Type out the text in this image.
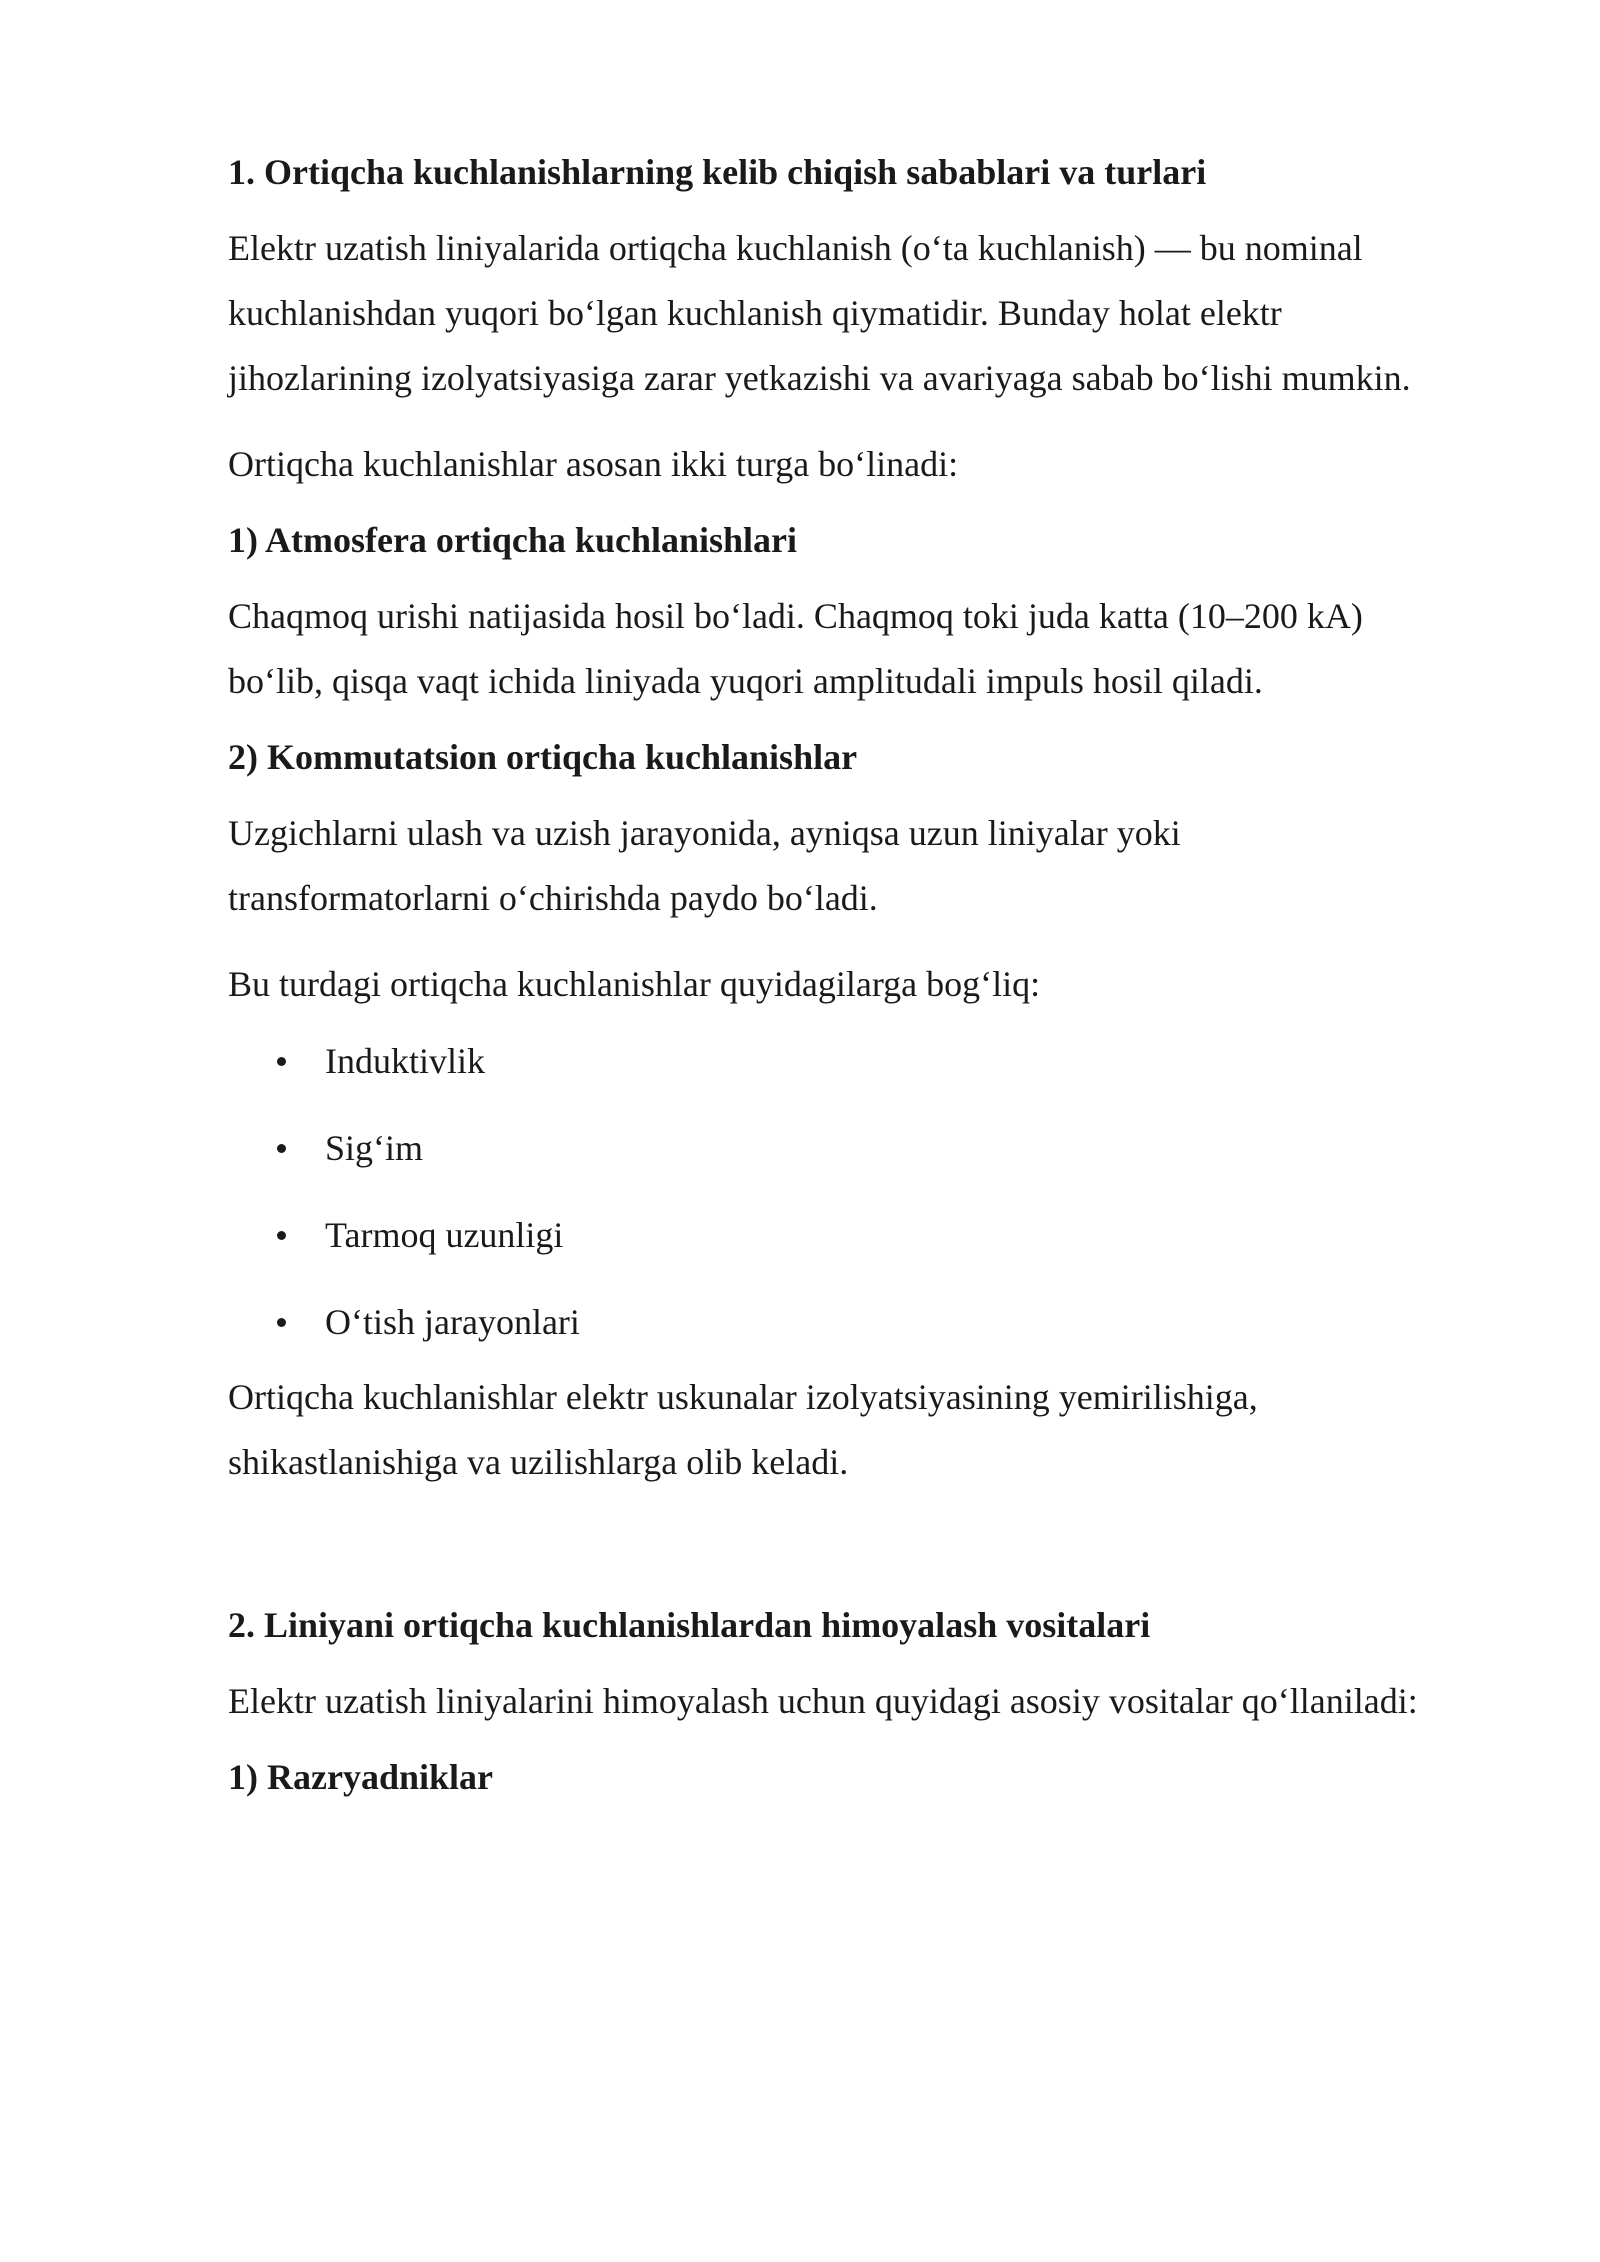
1. Ortiqcha kuchlanishlarning kelib chiqish sabablari va turlari

Elektr uzatish liniyalarida ortiqcha kuchlanish (o‘ta kuchlanish) — bu nominal
kuchlanishdan yuqori bo‘lgan kuchlanish qiymatidir. Bunday holat elektr
jihozlarining izolyatsiyasiga zarar yetkazishi va avariyaga sabab bo‘lishi mumkin.

Ortiqcha kuchlanishlar asosan ikki turga bo‘linadi:

1) Atmosfera ortiqcha kuchlanishlari

Chaqmoq urishi natijasida hosil bo‘ladi. Chaqmoq toki juda katta (10–200 kA)
bo‘lib, qisqa vaqt ichida liniyada yuqori amplitudali impuls hosil qiladi.

2) Kommutatsion ortiqcha kuchlanishlar

Uzgichlarni ulash va uzish jarayonida, ayniqsa uzun liniyalar yoki
transformatorlarni o‘chirishda paydo bo‘ladi.

Bu turdagi ortiqcha kuchlanishlar quyidagilarga bog‘liq:

Induktivlik
Sig‘im
Tarmoq uzunligi
O‘tish jarayonlari

Ortiqcha kuchlanishlar elektr uskunalar izolyatsiyasining yemirilishiga,
shikastlanishiga va uzilishlarga olib keladi.

2. Liniyani ortiqcha kuchlanishlardan himoyalash vositalari

Elektr uzatish liniyalarini himoyalash uchun quyidagi asosiy vositalar qo‘llaniladi:

1) Razryadniklar
